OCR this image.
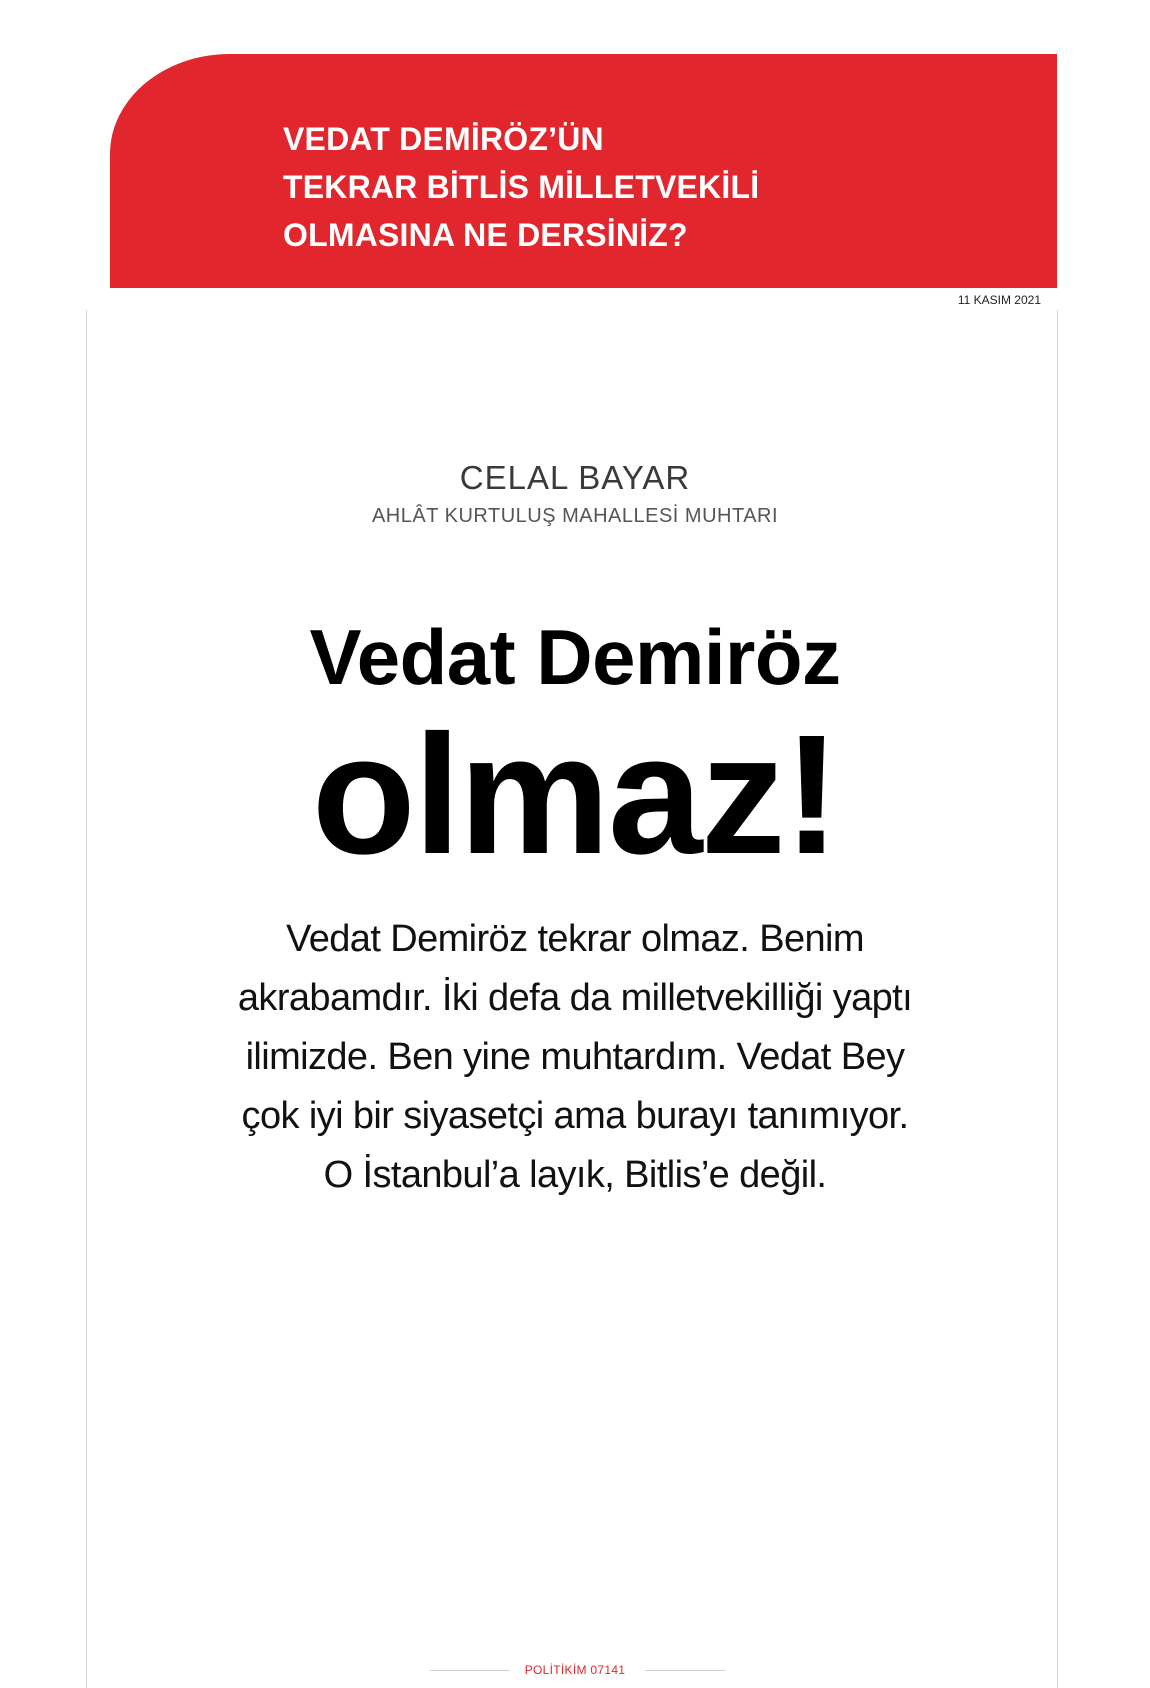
VEDAT DEMİRÖZ’ÜN
TEKRAR BİTLİS MİLLETVEKİLİ
OLMASINA NE DERSİNİZ?
11 KASIM 2021
CELAL BAYAR
AHLÂT KURTULUŞ MAHALLESİ MUHTARI
Vedat Demiröz
olmaz!
Vedat Demiröz tekrar olmaz. Benim
akrabamdır. İki defa da milletvekilliği yaptı
ilimizde. Ben yine muhtardım. Vedat Bey
çok iyi bir siyasetçi ama burayı tanımıyor.
O İstanbul’a layık, Bitlis’e değil.
POLİTİKİM 07141
